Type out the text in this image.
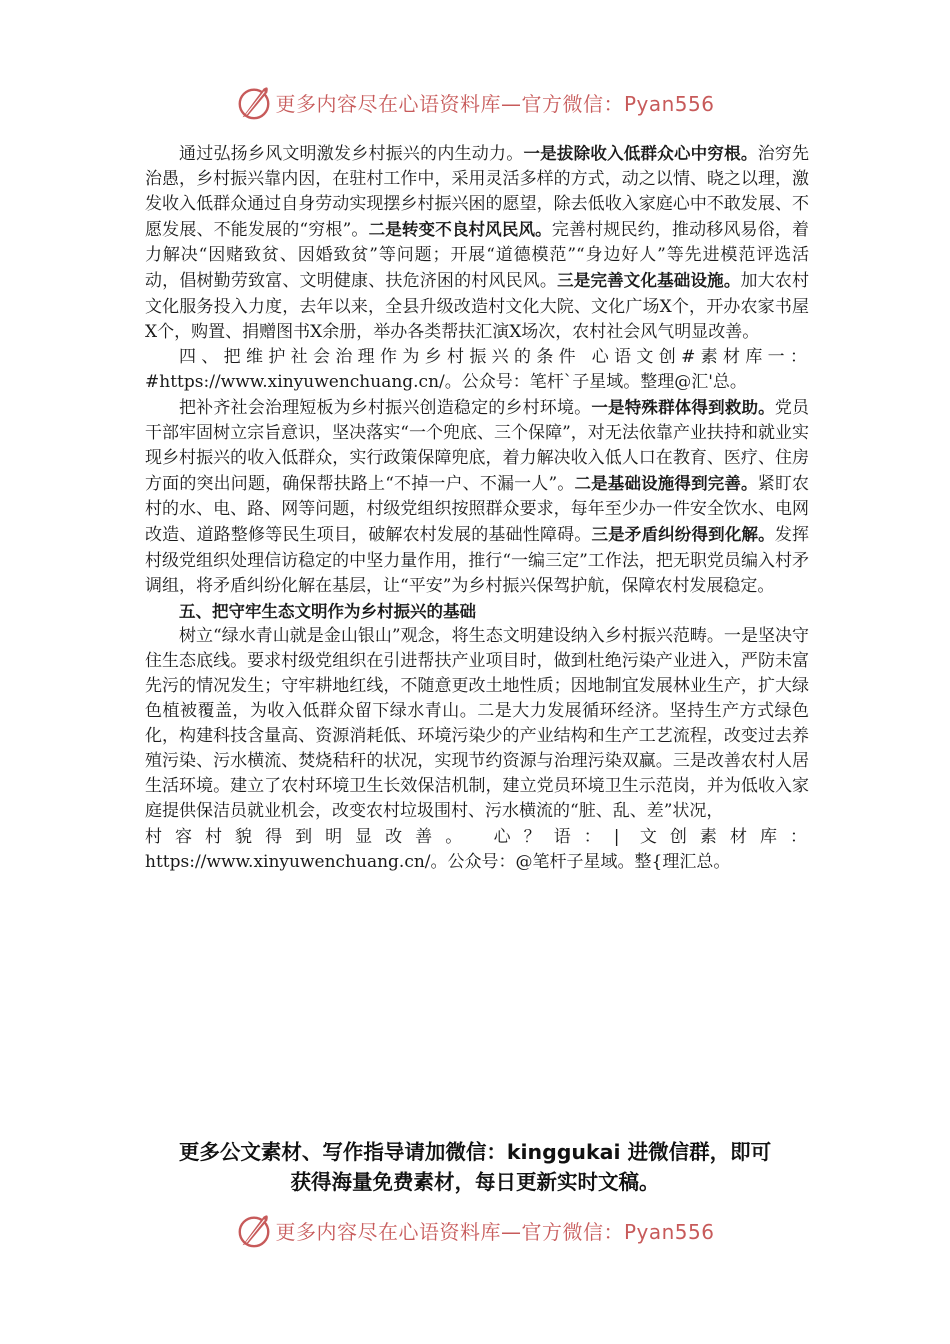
更多内容尽在心语资料库—官方微信：Pyan556

通过弘扬乡风文明激发乡村振兴的内生动力。一是拔除收入低群众心中穷根。治穷先治愚，乡村振兴靠内因，在驻村工作中，采用灵活多样的方式，动之以情、晓之以理，激发收入低群众通过自身劳动实现摆乡村振兴困的愿望，除去低收入家庭心中不敢发展、不愿发展、不能发展的“穷根”。二是转变不良村风民风。完善村规民约，推动移风易俗，着力解决“因赌致贫、因婚致贫”等问题；开展“道德模范”“身边好人”等先进模范评选活动，倡树勤劳致富、文明健康、扶危济困的村风民风。三是完善文化基础设施。加大农村文化服务投入力度，去年以来，全县升级改造村文化大院、文化广场X个，开办农家书屋X个，购置、捐赠图书X余册，举办各类帮扶汇演X场次，农村社会风气明显改善。

四、把维护社会治理作为乡村振兴的条件 心语文创#素材库一：

#https://www.xinyuwenchuang.cn/。公众号：笔杆`子星域。整理@汇'总。

把补齐社会治理短板为乡村振兴创造稳定的乡村环境。一是特殊群体得到救助。党员干部牢固树立宗旨意识，坚决落实“一个兜底、三个保障”，对无法依靠产业扶持和就业实现乡村振兴的收入低群众，实行政策保障兜底，着力解决收入低人口在教育、医疗、住房方面的突出问题，确保帮扶路上“不掉一户、不漏一人”。二是基础设施得到完善。紧盯农村的水、电、路、网等问题，村级党组织按照群众要求，每年至少办一件安全饮水、电网改造、道路整修等民生项目，破解农村发展的基础性障碍。三是矛盾纠纷得到化解。发挥村级党组织处理信访稳定的中坚力量作用，推行“一编三定”工作法，把无职党员编入村矛调组，将矛盾纠纷化解在基层，让“平安”为乡村振兴保驾护航，保障农村发展稳定。

五、把守牢生态文明作为乡村振兴的基础

树立“绿水青山就是金山银山”观念，将生态文明建设纳入乡村振兴范畴。一是坚决守住生态底线。要求村级党组织在引进帮扶产业项目时，做到杜绝污染产业进入，严防未富先污的情况发生；守牢耕地红线，不随意更改土地性质；因地制宜发展林业生产，扩大绿色植被覆盖，为收入低群众留下绿水青山。二是大力发展循环经济。坚持生产方式绿色化，构建科技含量高、资源消耗低、环境污染少的产业结构和生产工艺流程，改变过去养殖污染、污水横流、焚烧秸秆的状况，实现节约资源与治理污染双赢。三是改善农村人居生活环境。建立了农村环境卫生长效保洁机制，建立党员环境卫生示范岗，并为低收入家庭提供保洁员就业机会，改变农村垃圾围村、污水横流的“脏、乱、差”状况，

村容村貌得到明显改善。 心？语：| 文创素材库：

https://www.xinyuwenchuang.cn/。公众号：@笔杆子星域。整{理汇总。

更多公文素材、写作指导请加微信：kinggukai 进微信群，即可
获得海量免费素材，每日更新实时文稿。
更多内容尽在心语资料库—官方微信：Pyan556
